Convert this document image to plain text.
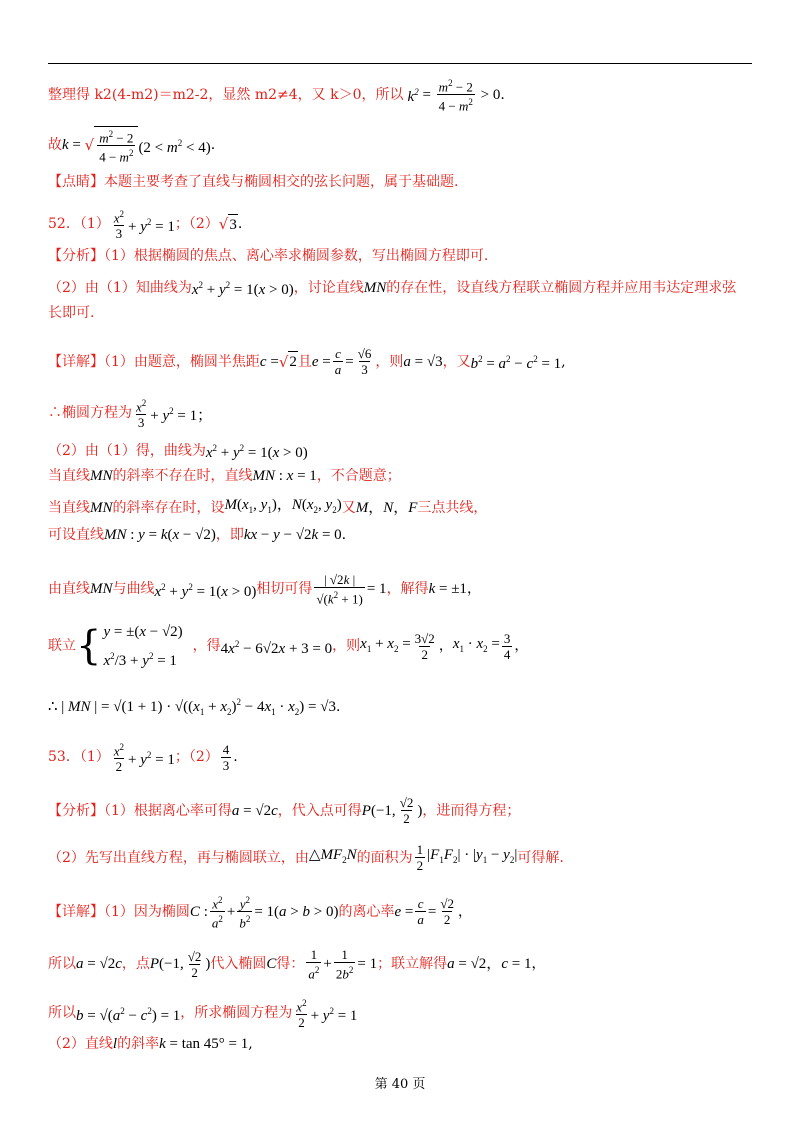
整理得 k2(4-m2)＝m2-2，显然 m2≠4，又 k＞0，所以 $k^2 = \frac{m^2 - 2}{4 - m^2} > 0$ .
故 k = √ $\frac{m^2 - 2}{4 - m^2} (2 < m^2 < 4)$ .
【点睛】本题主要考查了直线与椭圆相交的弦长问题，属于基础题.
52．$(1) \frac{x^2}{3} + y^2 = 1$ ；（2） √ 3 .
【分析】（1）根据椭圆的焦点、离心率求椭圆参数，写出椭圆方程即可.
（2）由（1）知曲线为 $x^2 + y^2 = 1(x > 0)$ ，讨论直线 MN 的存在性，设直线方程联立椭圆方程并应用韦达定理求弦
长即可.
【详解】（1）由题意，椭圆半焦距 c = √ 2 且 $e = \frac{c}{a} = \frac{√6}{3}$ ，则 a = √3 ，又 $b^2 = a^2 - c^2 = 1$ ,
∴椭圆方程为 $\frac{x^2}{3} + y^2 = 1$；
（2）由（1）得，曲线为 $x^2 + y^2 = 1(x > 0)$
当直线 MN 的斜率不存在时，直线 MN : x = 1 ，不合题意；
当直线 MN 的斜率存在时，设 $M(x_1$, $y_1$)，$N(x_2$, $y_2$) 又 M，N，F 三点共线，
可设直线 MN : y = k(x − √2) ，即 kx − y − √2k = 0 .
由直线 MN 与曲线 $x^2 + y^2 = 1(x > 0)$ 相切可得 $\frac{| √2k |}{√(k^2 + 1)} = 1$ ，解得 k = ±1 ，
联立 { y = ±(x − √2)
$x^2/3 + y^2 = 1$
，得 $4x^2 - 6√2x + 3 = 0$ ，则 $x_1 + x_2 = \frac{3√2}{2}$ ， $x_1 \cdot x_2 = \frac{3}{4}$ ，
∴ | MN | = $√(1 + 1) \cdot √((x_1 + x_2)^2 - 4x_1 \cdot x_2) = √3$ .
53．$(1) \frac{x^2}{2} + y^2 = 1$ ；$(2) \frac{4}{3}$ .
【分析】（1）根据离心率可得 a = √2c ，代入点可得 P(−1, $\frac{√2}{2}$ ) ，进而得方程；
（2）先写出直线方程，再与椭圆联立，由 $\triangle MF_2N$ 的面积为 $\frac{1}{2} |F_1F_2| \cdot |y_1 - y_2|$ 可得解.
【详解】（1）因为椭圆 C : $\frac{x^2}{a^2} + \frac{y^2}{b^2} = 1(a > b > 0)$ 的离心率 $e = \frac{c}{a} = \frac{√2}{2}$ ，
所以 a = √2c ，点 P(−1, $\frac{√2}{2}$ ) 代入椭圆 C 得： $\frac{1}{a^2} + \frac{1}{2b^2} = 1$ ；联立解得 a = √2，c = 1 ，
所以 $b = √(a^2 - c^2) = 1$ ，所求椭圆方程为 $\frac{x^2}{2} + y^2 = 1$
（2）直线 l 的斜率 k = tan 45° = 1 ,
第 40 页
